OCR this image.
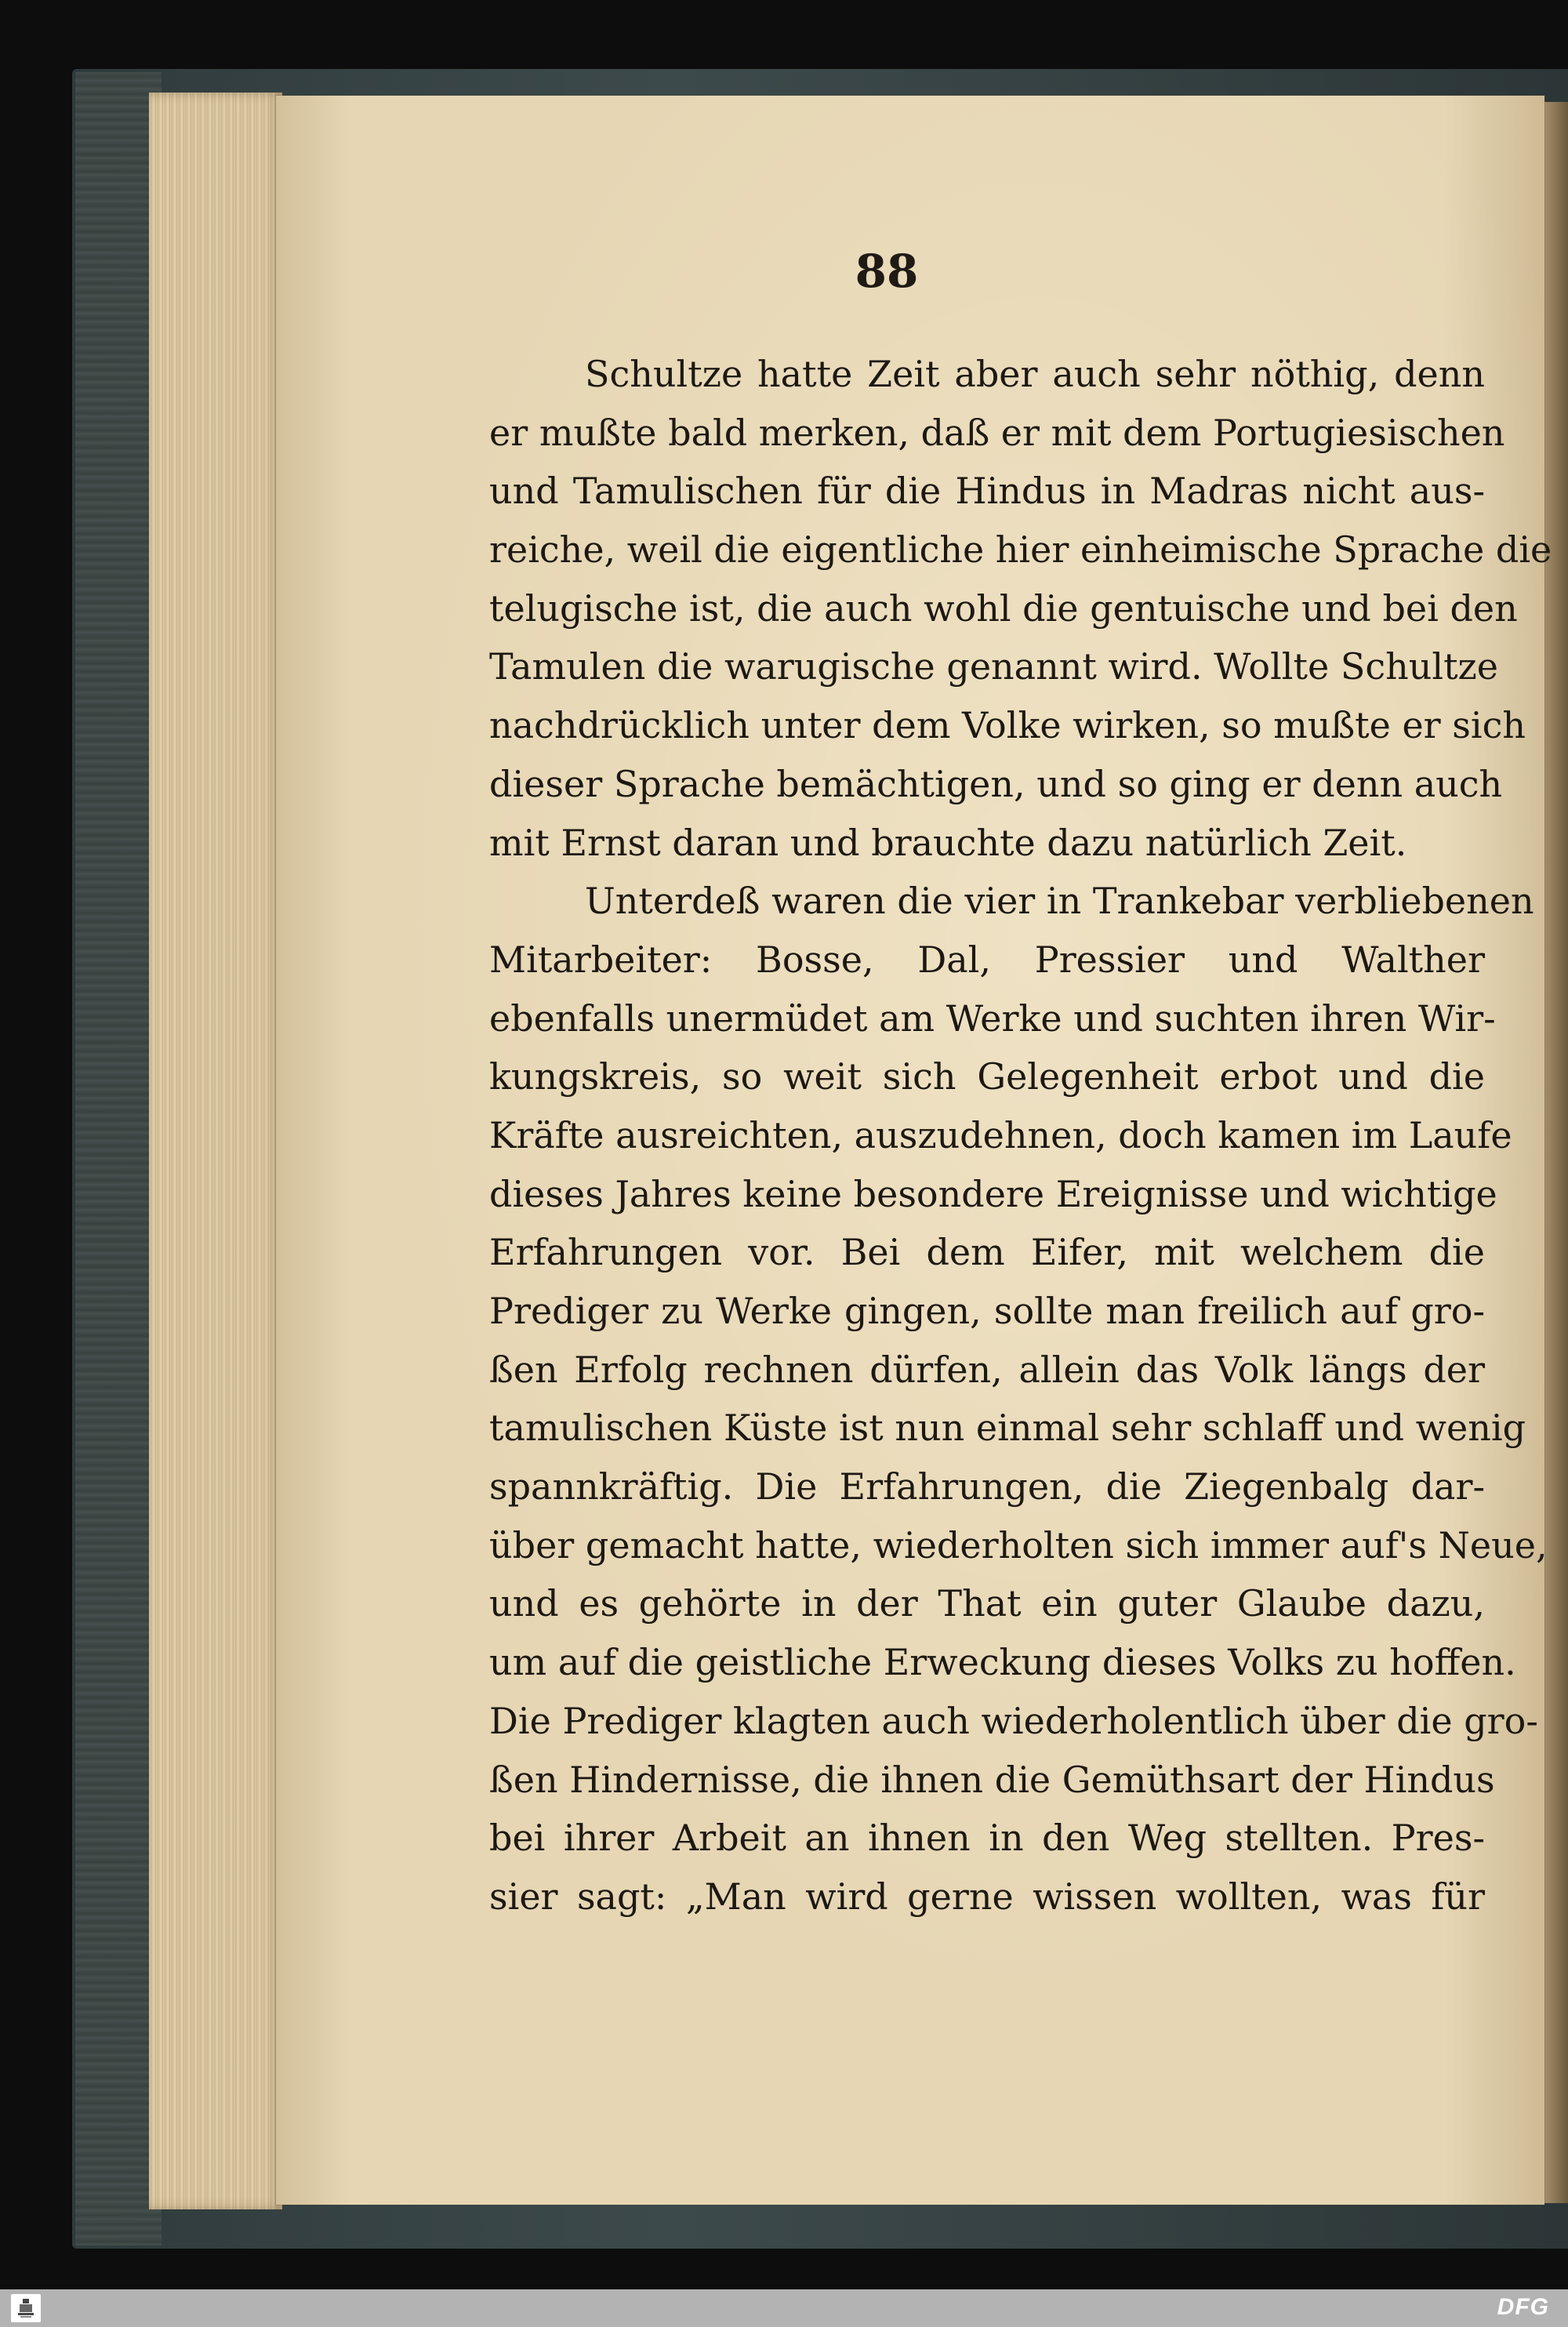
88
Schultze hatte Zeit aber auch sehr nöthig, denn
er mußte bald merken, daß er mit dem Portugiesischen
und Tamulischen für die Hindus in Madras nicht aus-
reiche, weil die eigentliche hier einheimische Sprache die
telugische ist, die auch wohl die gentuische und bei den
Tamulen die warugische genannt wird. Wollte Schultze
nachdrücklich unter dem Volke wirken, so mußte er sich
dieser Sprache bemächtigen, und so ging er denn auch
mit Ernst daran und brauchte dazu natürlich Zeit.
Unterdeß waren die vier in Trankebar verbliebenen
Mitarbeiter: Bosse, Dal, Pressier und Walther
ebenfalls unermüdet am Werke und suchten ihren Wir-
kungskreis, so weit sich Gelegenheit erbot und die
Kräfte ausreichten, auszudehnen, doch kamen im Laufe
dieses Jahres keine besondere Ereignisse und wichtige
Erfahrungen vor. Bei dem Eifer, mit welchem die
Prediger zu Werke gingen, sollte man freilich auf gro-
ßen Erfolg rechnen dürfen, allein das Volk längs der
tamulischen Küste ist nun einmal sehr schlaff und wenig
spannkräftig. Die Erfahrungen, die Ziegenbalg dar-
über gemacht hatte, wiederholten sich immer auf's Neue,
und es gehörte in der That ein guter Glaube dazu,
um auf die geistliche Erweckung dieses Volks zu hoffen.
Die Prediger klagten auch wiederholentlich über die gro-
ßen Hindernisse, die ihnen die Gemüthsart der Hindus
bei ihrer Arbeit an ihnen in den Weg stellten. Pres-
sier sagt: „Man wird gerne wissen wollten, was für
DFG
